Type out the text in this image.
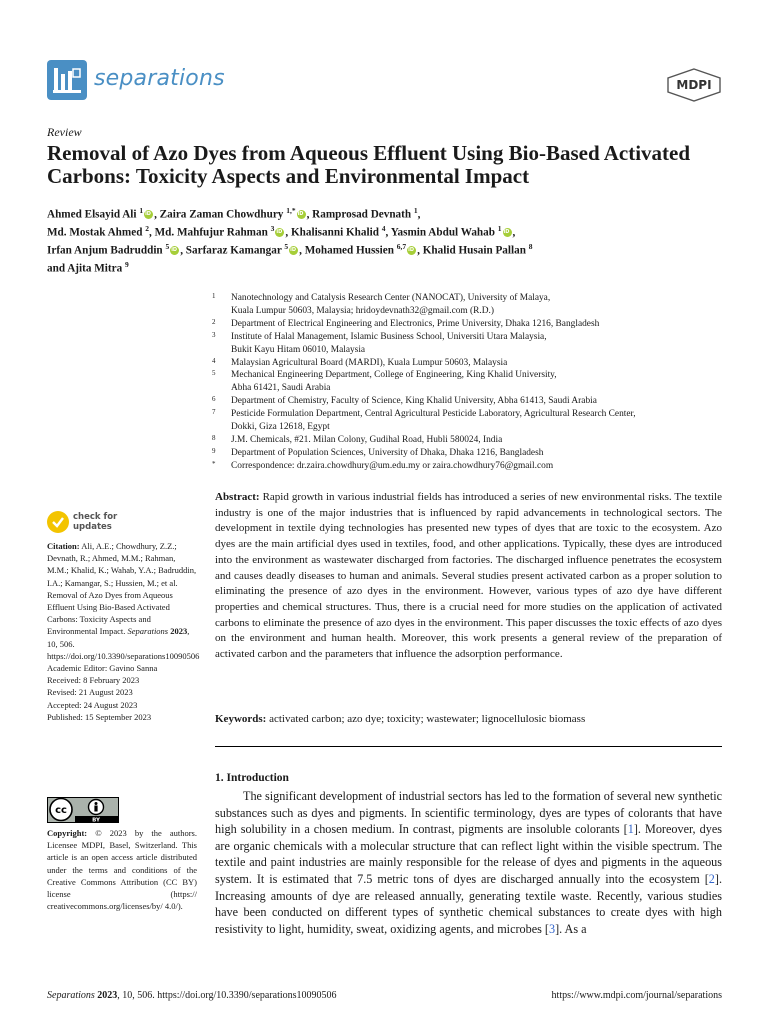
separations	MDPI
Review
Removal of Azo Dyes from Aqueous Effluent Using Bio-Based Activated Carbons: Toxicity Aspects and Environmental Impact
Ahmed Elsayid Ali $^1$ iD , Zaira Zaman Chowdhury $^{1,*}$ iD , Ramprosad Devnath $^1$,
Md. Mostak Ahmed $^2$, Md. Mahfujur Rahman $^3$ iD , Khalisanni Khalid $^4$, Yasmin Abdul Wahab $^1$ iD ,
Irfan Anjum Badruddin $^5$ iD , Sarfaraz Kamangar $^5$ iD , Mohamed Hussien $^{6,7}$ iD , Khalid Husain Pallan $^8$
and Ajita Mitra $^9$
1 Nanotechnology and Catalysis Research Center (NANOCAT), University of Malaya,
Kuala Lumpur 50603, Malaysia; hridoydevnath32@gmail.com (R.D.)
2 Department of Electrical Engineering and Electronics, Prime University, Dhaka 1216, Bangladesh
3 Institute of Halal Management, Islamic Business School, Universiti Utara Malaysia,
Bukit Kayu Hitam 06010, Malaysia
4 Malaysian Agricultural Board (MARDI), Kuala Lumpur 50603, Malaysia
5 Mechanical Engineering Department, College of Engineering, King Khalid University,
Abha 61421, Saudi Arabia
6 Department of Chemistry, Faculty of Science, King Khalid University, Abha 61413, Saudi Arabia
7 Pesticide Formulation Department, Central Agricultural Pesticide Laboratory, Agricultural Research Center,
Dokki, Giza 12618, Egypt
8 J.M. Chemicals, #21. Milan Colony, Gudihal Road, Hubli 580024, India
9 Department of Population Sciences, University of Dhaka, Dhaka 1216, Bangladesh
* Correspondence: dr.zaira.chowdhury@um.edu.my or zaira.chowdhury76@gmail.com
check for
updates

Citation: Ali, A.E.; Chowdhury, Z.Z.; Devnath, R.; Ahmed, M.M.; Rahman, M.M.; Khalid, K.; Wahab, Y.A.; Badruddin, I.A.; Kamangar, S.; Hussien, M.; et al. Removal of Azo Dyes from Aqueous Effluent Using Bio-Based Activated Carbons: Toxicity Aspects and Environmental Impact. Separations 2023, 10, 506. https://doi.org/10.3390/separations10090506

Academic Editor: Gavino Sanna

Received: 8 February 2023

Revised: 21 August 2023

Accepted: 24 August 2023

Published: 15 September 2023

cc
BY
Copyright: © 2023 by the authors. Licensee MDPI, Basel, Switzerland. This article is an open access article distributed under the terms and conditions of the Creative Commons Attribution (CC BY) license (https:// creativecommons.org/licenses/by/ 4.0/).
Abstract: Rapid growth in various industrial fields has introduced a series of new environmental risks. The textile industry is one of the major industries that is influenced by rapid advancements in technological sectors. The development in textile dying technologies has presented new types of dyes that are toxic to the ecosystem. Azo dyes are the main artificial dyes used in textiles, food, and other applications. Typically, these dyes are introduced into the environment as wastewater discharged from factories. The discharged influence penetrates the ecosystem and causes deadly diseases to human and animals. Several studies present activated carbon as a proper solution to eliminating the presence of azo dyes in the environment. However, various types of azo dye have different properties and chemical structures. Thus, there is a crucial need for more studies on the application of activated carbons to eliminate the presence of azo dyes in the environment. This paper discusses the toxic effects of azo dyes on the environment and human health. Moreover, this work presents a general review of the preparation of activated carbon and the parameters that influence the adsorption performance.
Keywords: activated carbon; azo dye; toxicity; wastewater; lignocellulosic biomass
1. Introduction

The significant development of industrial sectors has led to the formation of several new synthetic substances such as dyes and pigments. In scientific terminology, dyes are types of colorants that have high solubility in a chosen medium. In contrast, pigments are insoluble colorants [1]. Moreover, dyes are organic chemicals with a molecular structure that can reflect light within the visible spectrum. The textile and paint industries are mainly responsible for the release of dyes and pigments in the aqueous system. It is estimated that 7.5 metric tons of dyes are discharged annually into the ecosystem [2]. Increasing amounts of dye are released annually, generating textile waste. Recently, various studies have been conducted on different types of synthetic chemical substances to create dyes with high resistivity to light, humidity, sweat, oxidizing agents, and microbes [3]. As a

Separations 2023, 10, 506. https://doi.org/10.3390/separations10090506	https://www.mdpi.com/journal/separations
